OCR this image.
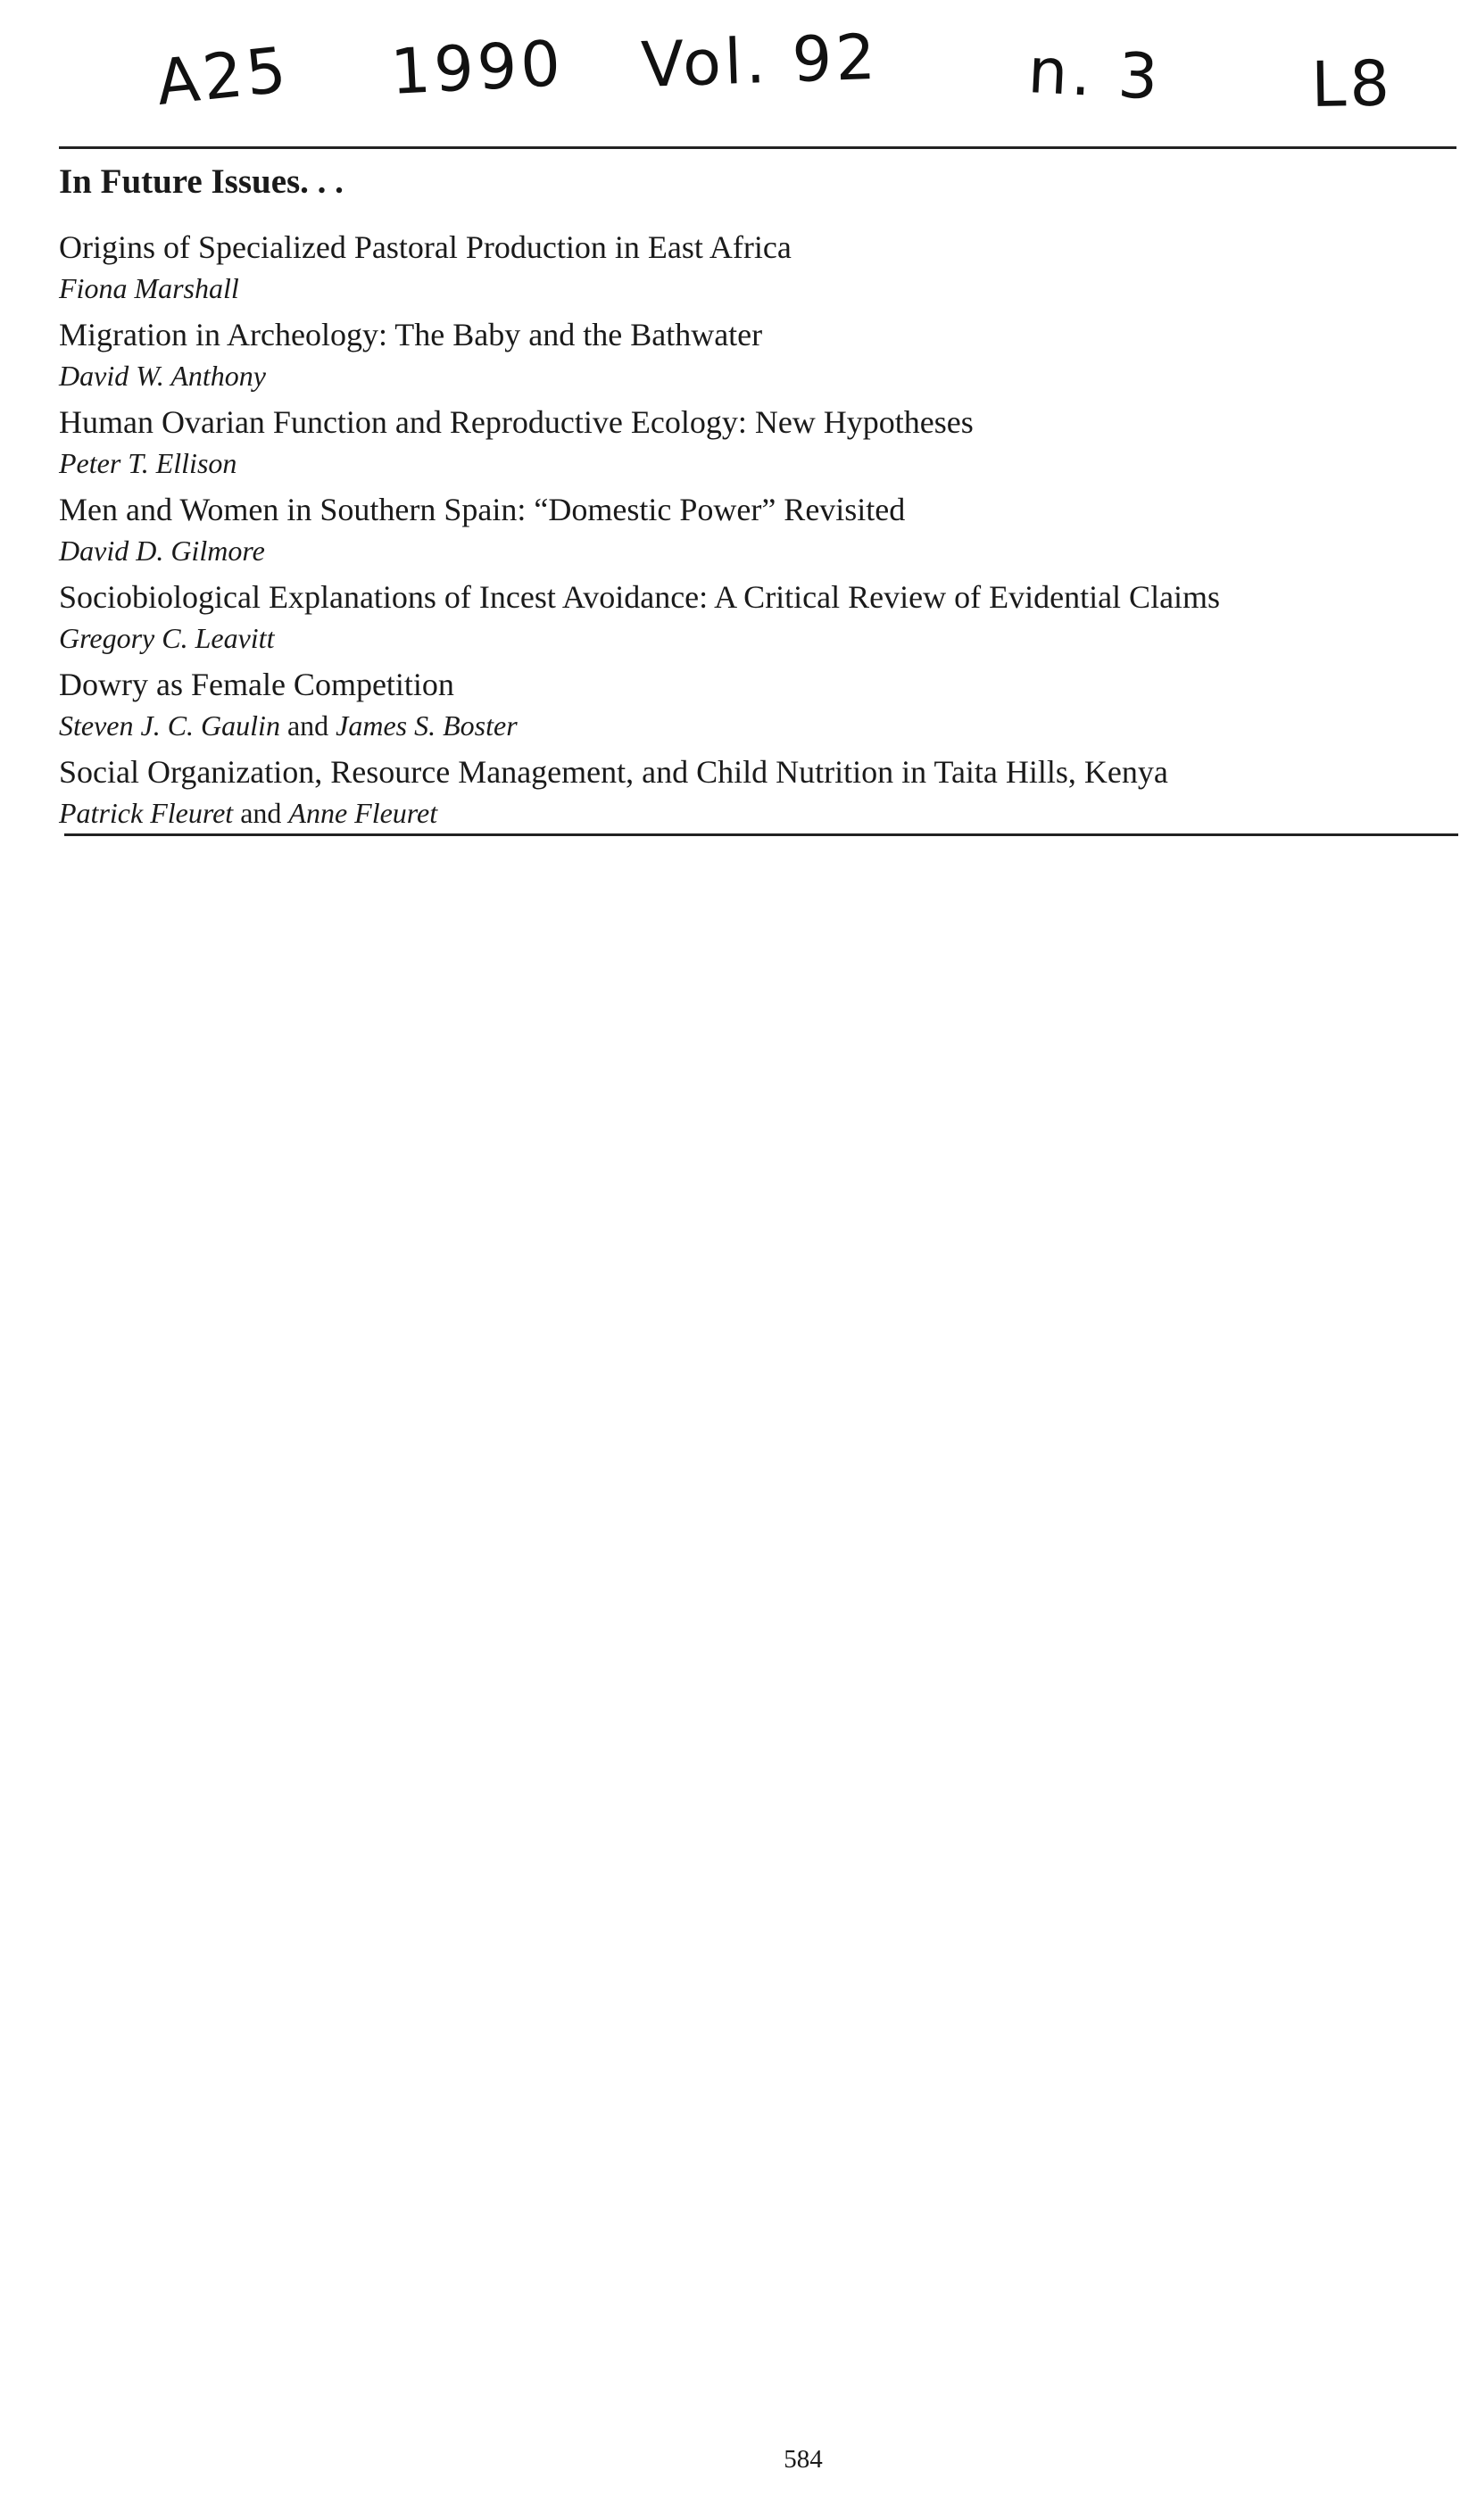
A25 1990 Vol. 92 n. 3 L8
In Future Issues. . .
Origins of Specialized Pastoral Production in East Africa
Fiona Marshall
Migration in Archeology: The Baby and the Bathwater
David W. Anthony
Human Ovarian Function and Reproductive Ecology: New Hypotheses
Peter T. Ellison
Men and Women in Southern Spain: “Domestic Power” Revisited
David D. Gilmore
Sociobiological Explanations of Incest Avoidance: A Critical Review of Evidential Claims
Gregory C. Leavitt
Dowry as Female Competition
Steven J. C. Gaulin and James S. Boster
Social Organization, Resource Management, and Child Nutrition in Taita Hills, Kenya
Patrick Fleuret and Anne Fleuret
584
